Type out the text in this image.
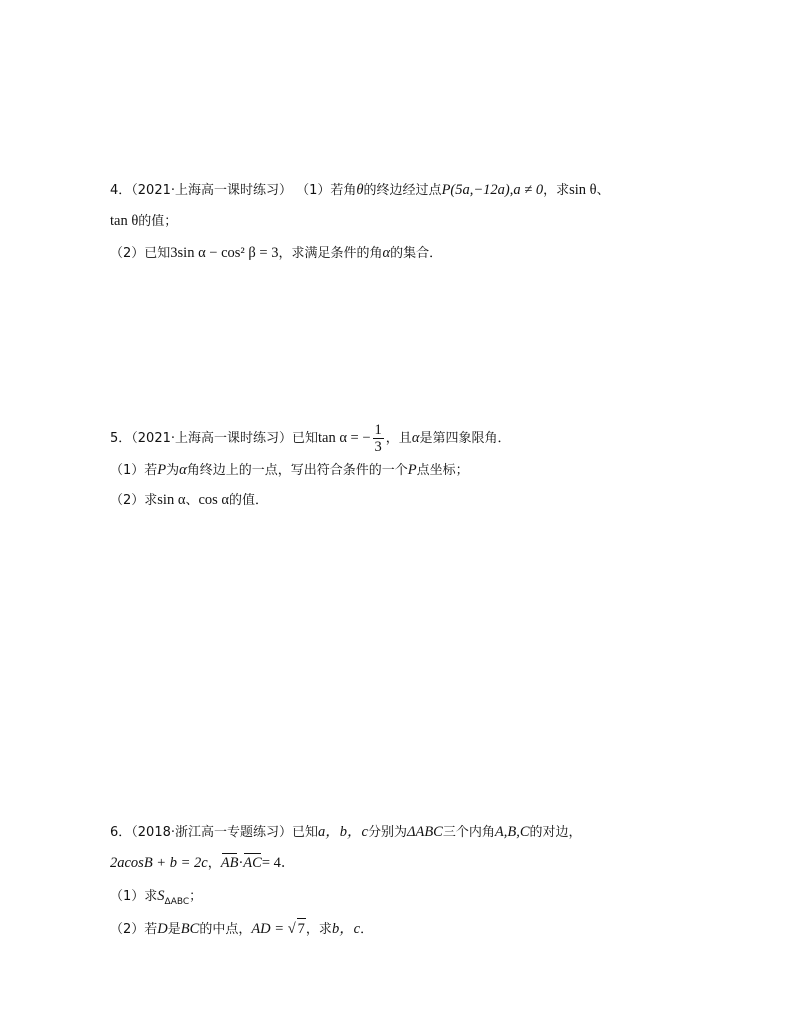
4．（2021·上海高一课时练习） （1）若角θ的终边经过点P(5a,−12a),a ≠ 0，求sin θ、
tan θ的值；
（2）已知3sin α − cos² β = 3，求满足条件的角α的集合．
5．（2021·上海高一课时练习）已知tan α = − $\frac{1}{3}$ ，且α是第四象限角．
（1）若P为α角终边上的一点，写出符合条件的一个P点坐标；
（2）求sin α、cos α的值．
6．（2018·浙江高一专题练习）已知a，b，c分别为ΔABC三个内角A,B,C的对边，
2acosB + b = 2c，AB·AC= 4．
（1）求$S_{\Delta ABC}$；
（2）若D是BC的中点，AD = √ 7，求b，c．
